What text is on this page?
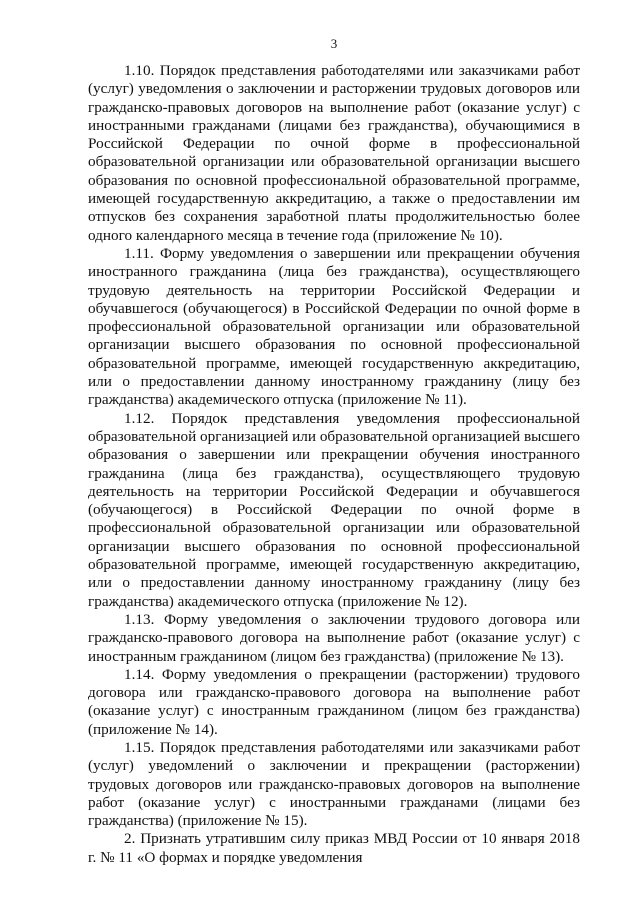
3

1.10. Порядок представления работодателями или заказчиками работ (услуг) уведомления о заключении и расторжении трудовых договоров или гражданско-правовых договоров на выполнение работ (оказание услуг) с иностранными гражданами (лицами без гражданства), обучающимися в Российской Федерации по очной форме в профессиональной образовательной организации или образовательной организации высшего образования по основной профессиональной образовательной программе, имеющей государственную аккредитацию, а также о предоставлении им отпусков без сохранения заработной платы продолжительностью более одного календарного месяца в течение года (приложение № 10).

1.11. Форму уведомления о завершении или прекращении обучения иностранного гражданина (лица без гражданства), осуществляющего трудовую деятельность на территории Российской Федерации и обучавшегося (обучающегося) в Российской Федерации по очной форме в профессиональной образовательной организации или образовательной организации высшего образования по основной профессиональной образовательной программе, имеющей государственную аккредитацию, или о предоставлении данному иностранному гражданину (лицу без гражданства) академического отпуска (приложение № 11).

1.12. Порядок представления уведомления профессиональной образовательной организацией или образовательной организацией высшего образования о завершении или прекращении обучения иностранного гражданина (лица без гражданства), осуществляющего трудовую деятельность на территории Российской Федерации и обучавшегося (обучающегося) в Российской Федерации по очной форме в профессиональной образовательной организации или образовательной организации высшего образования по основной профессиональной образовательной программе, имеющей государственную аккредитацию, или о предоставлении данному иностранному гражданину (лицу без гражданства) академического отпуска (приложение № 12).

1.13. Форму уведомления о заключении трудового договора или гражданско-правового договора на выполнение работ (оказание услуг) с иностранным гражданином (лицом без гражданства) (приложение № 13).

1.14. Форму уведомления о прекращении (расторжении) трудового договора или гражданско-правового договора на выполнение работ (оказание услуг) с иностранным гражданином (лицом без гражданства) (приложение № 14).

1.15. Порядок представления работодателями или заказчиками работ (услуг) уведомлений о заключении и прекращении (расторжении) трудовых договоров или гражданско-правовых договоров на выполнение работ (оказание услуг) с иностранными гражданами (лицами без гражданства) (приложение № 15).

2. Признать утратившим силу приказ МВД России от 10 января 2018 г. № 11 «О формах и порядке уведомления
